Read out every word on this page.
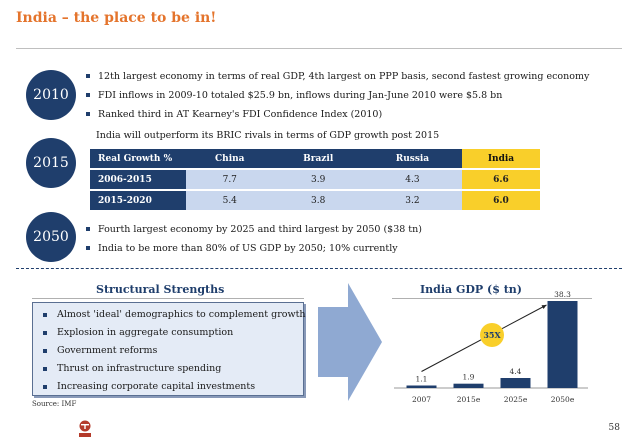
India – the place to be in!
2010
12th largest economy in terms of real GDP, 4th largest on PPP basis, second fastest growing economy
FDI inflows in 2009-10 totaled $25.9 bn, inflows during Jan-June 2010 were $5.8 bn
Ranked third in AT Kearney's FDI Confidence Index (2010)
2015
India will outperform its BRIC rivals in terms of GDP growth post 2015
Real Growth %	China	Brazil	Russia	India
2006-2015	7.7	3.9	4.3	6.6
2015-2020	5.4	3.8	3.2	6.0
2050	Fourth largest economy by 2025 and third largest by 2050 ($38 tn)
India to be more than 80% of US GDP by 2050; 10% currently
Structural Strengths
Almost 'ideal' demographics to complement growth
Explosion in aggregate consumption
Government reforms
Thrust on infrastructure spending
Increasing corporate capital investments
Source: IMF
India GDP ($ tn)
1.1
2007
1.9
2015e
4.4
2025e
38.3
2050e
35X
58
